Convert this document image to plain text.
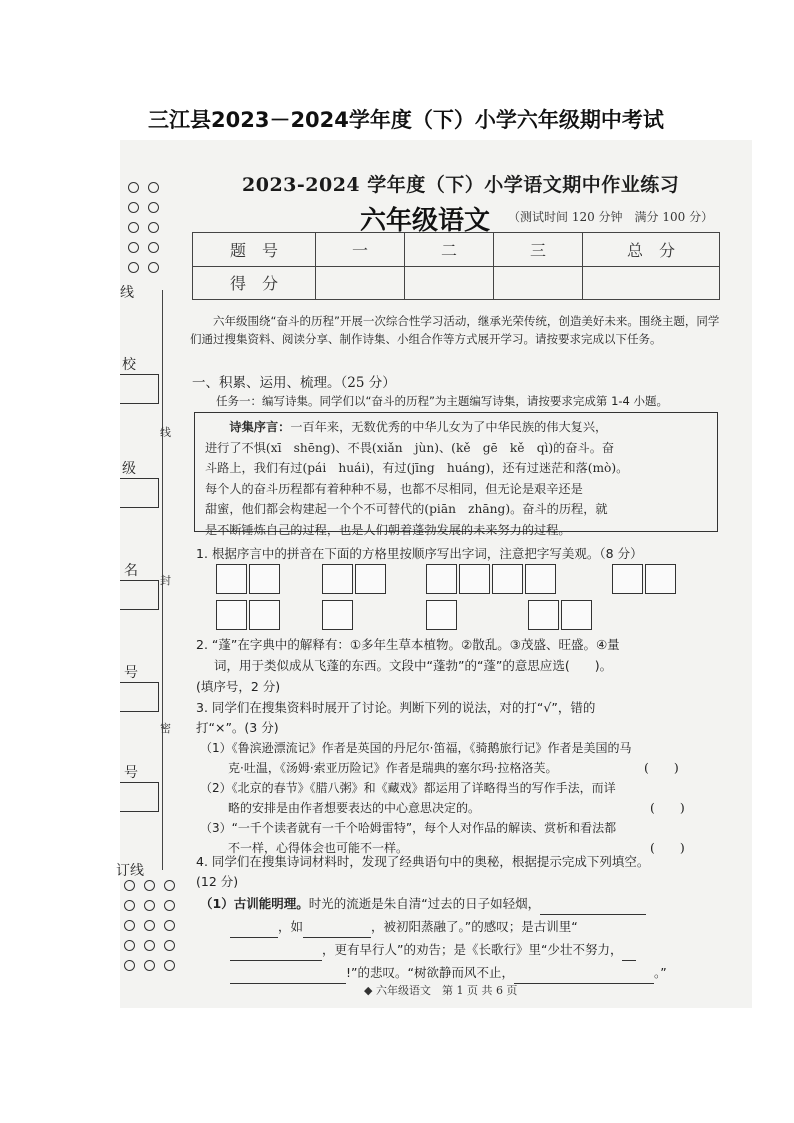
三江县2023－2024学年度（下）小学六年级期中考试
线
校
级
名
号
号
订线
线
封
密
2023-2024 学年度（下）小学语文期中作业练习
六年级语文 （测试时间 120 分钟　满分 100 分）
题　号	一	二	三	总　分
得　分				
六年级围绕“奋斗的历程”开展一次综合性学习活动，继承光荣传统，创造美好未来。围绕主题，同学们通过搜集资料、阅读分享、制作诗集、小组合作等方式展开学习。请按要求完成以下任务。
一、积累、运用、梳理。（25 分）
任务一：编写诗集。同学们以“奋斗的历程”为主题编写诗集，请按要求完成第 1-4 小题。
诗集序言：一百年来，无数优秀的中华儿女为了中华民族的伟大复兴，
进行了不惧(xī　shēng)、不畏(xiǎn　jùn)、(kě　gē　kě　qì)的奋斗。奋
斗路上，我们有过(pái　huái)，有过(jīng　huáng)，还有过迷茫和落(mò)。
每个人的奋斗历程都有着种种不易，也都不尽相同，但无论是艰辛还是
甜蜜，他们都会构建起一个个不可替代的(piān　zhāng)。奋斗的历程，就
是不断锤炼自己的过程，也是人们朝着蓬勃发展的未来努力的过程。
1. 根据序言中的拼音在下面的方格里按顺序写出字词，注意把字写美观。（8 分）
2. “蓬”在字典中的解释有：①多年生草本植物。②散乱。③茂盛、旺盛。④量
词，用于类似成从飞蓬的东西。文段中“蓬勃”的“蓬”的意思应选(　　)。
(填序号，2 分)
3. 同学们在搜集资料时展开了讨论。判断下列的说法，对的打“√”，错的
打“×”。(3 分)
（1）《鲁滨逊漂流记》作者是英国的丹尼尔·笛福，《骑鹅旅行记》作者是美国的马
克·吐温，《汤姆·索亚历险记》作者是瑞典的塞尔玛·拉格洛芙。
（2）《北京的春节》《腊八粥》和《藏戏》都运用了详略得当的写作手法，而详
略的安排是由作者想要表达的中心意思决定的。
（3）“一千个读者就有一千个哈姆雷特”，每个人对作品的解读、赏析和看法都
不一样，心得体会也可能不一样。
(　　)
(　　)
(　　)
4. 同学们在搜集诗词材料时，发现了经典语句中的奥秘，根据提示完成下列填空。
(12 分)
（1）古训能明理。时光的流逝是朱自清“过去的日子如轻烟，
，如	，被初阳蒸融了。”的感叹；是古训里“
，更有早行人”的劝告；是《长歌行》里“少壮不努力，
!”的悲叹。“树欲静而风不止，	。”
◆ 六年级语文　第 1 页 共 6 页
